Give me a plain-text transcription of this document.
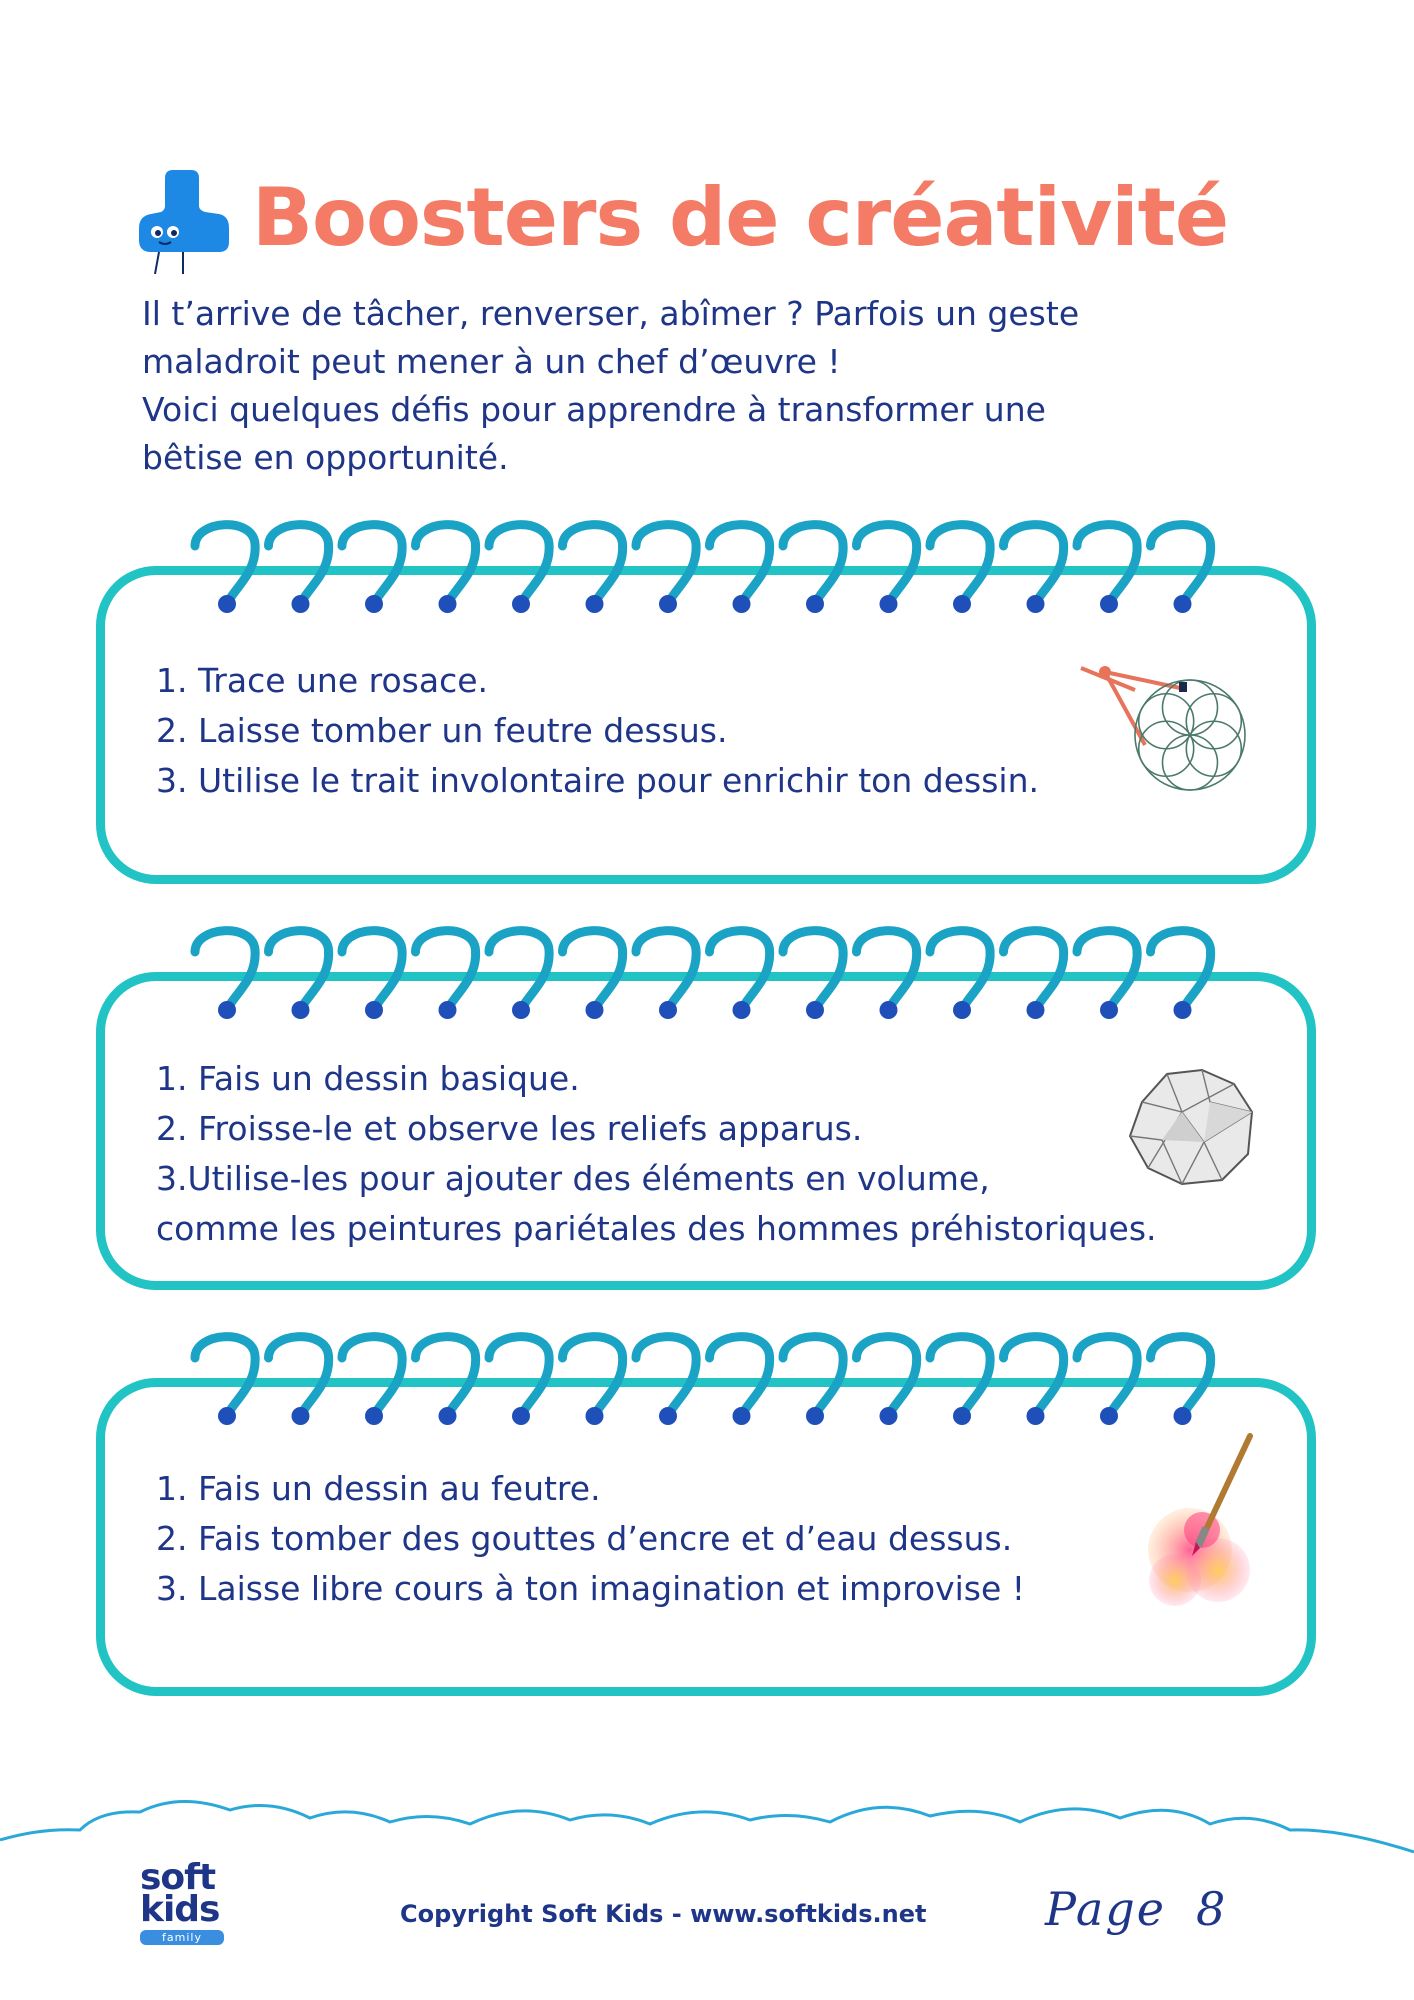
Boosters de créativité

Il t’arrive de tâcher, renverser, abîmer ? Parfois un geste

maladroit peut mener à un chef d’œuvre !

Voici quelques défis pour apprendre à transformer une

bêtise en opportunité.

1. Trace une rosace.
2. Laisse tomber un feutre dessus.
3. Utilise le trait involontaire pour enrichir ton dessin.
1. Fais un dessin basique.
2. Froisse-le et observe les reliefs apparus.
3.Utilise-les pour ajouter des éléments en volume,
comme les peintures pariétales des hommes préhistoriques.
1. Fais un dessin au feutre.
2. Fais tomber des gouttes d’encre et d’eau dessus.
3. Laisse libre cours à ton imagination et improvise !
soft
kids
family
Copyright Soft Kids - www.softkids.net	Page 8
